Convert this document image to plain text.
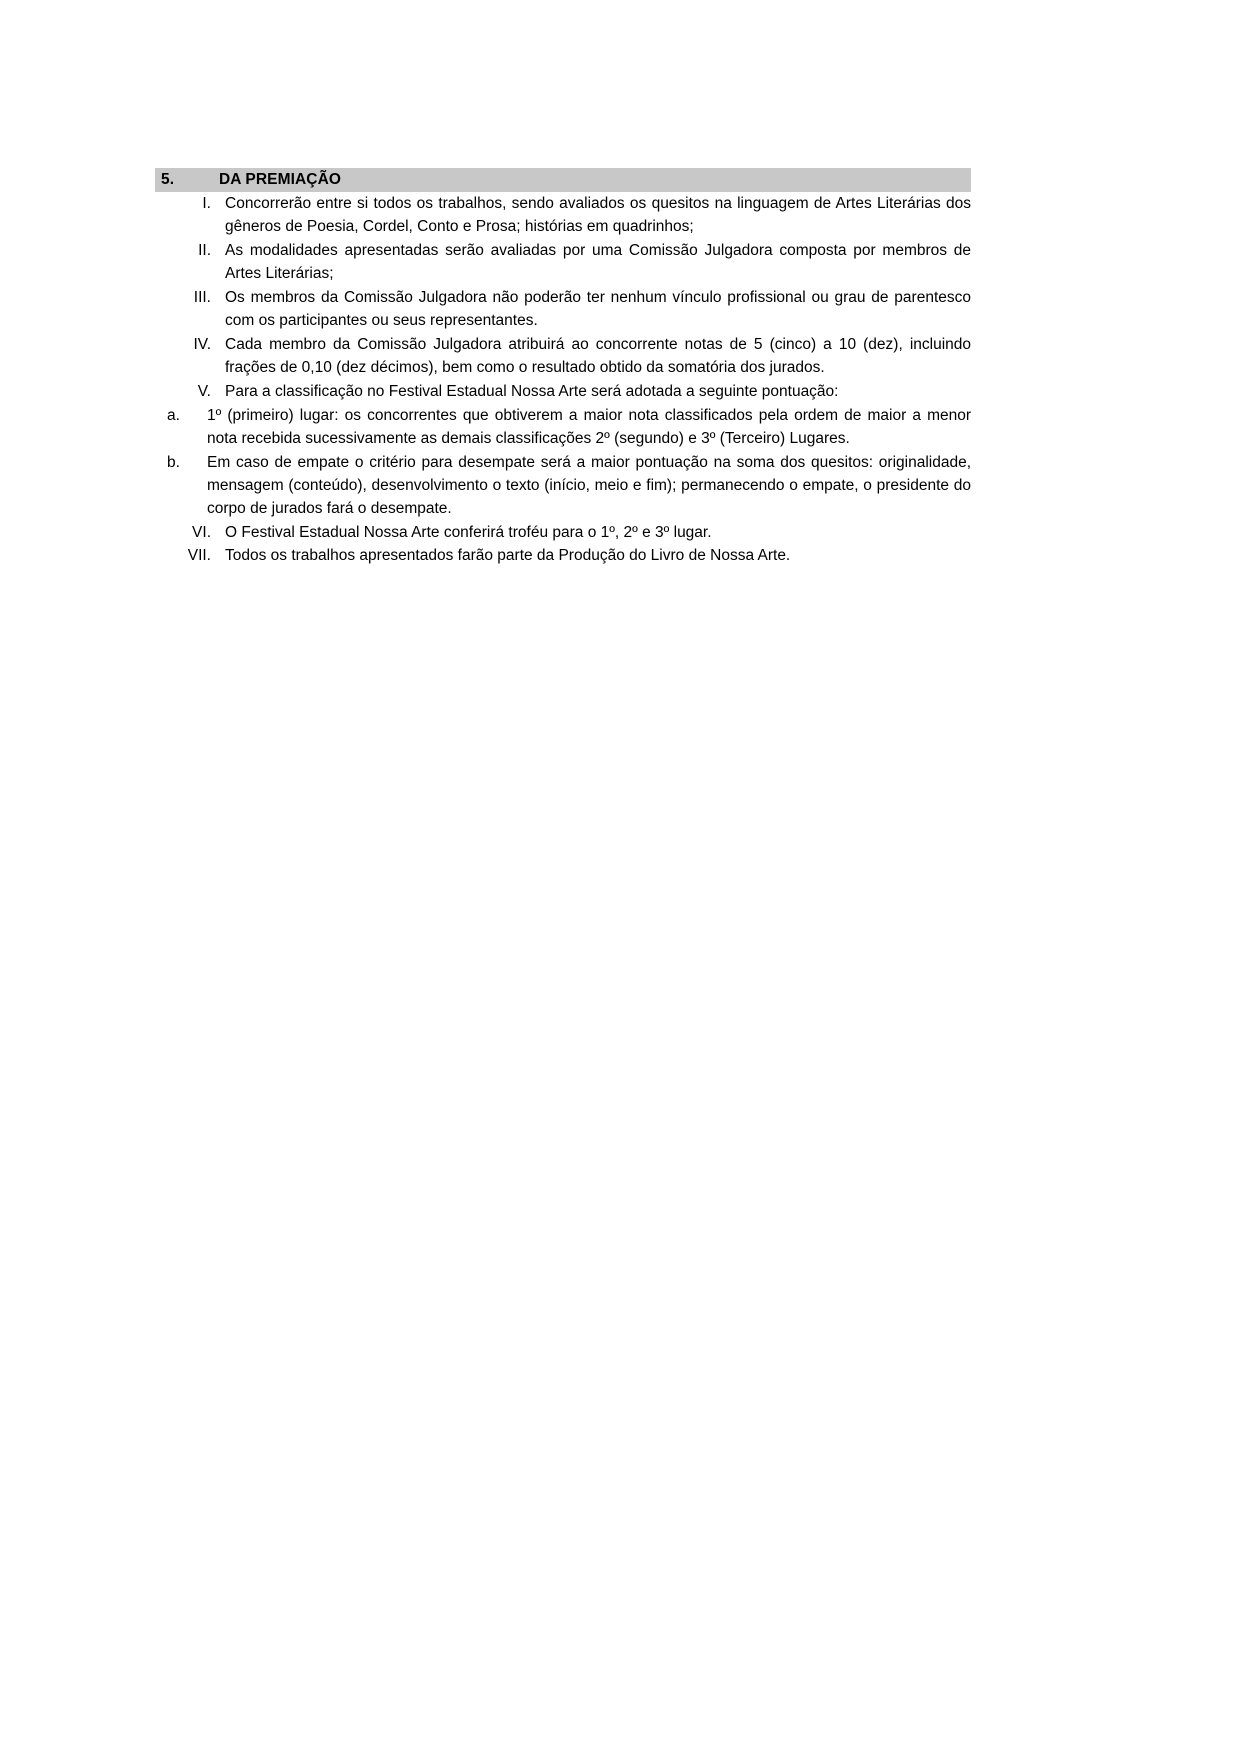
5.	DA PREMIAÇÃO
I. Concorrerão entre si todos os trabalhos, sendo avaliados os quesitos na linguagem de Artes Literárias dos gêneros de Poesia, Cordel, Conto e Prosa; histórias em quadrinhos;
II. As modalidades apresentadas serão avaliadas por uma Comissão Julgadora composta por membros de Artes Literárias;
III. Os membros da Comissão Julgadora não poderão ter nenhum vínculo profissional ou grau de parentesco com os participantes ou seus representantes.
IV. Cada membro da Comissão Julgadora atribuirá ao concorrente notas de 5 (cinco) a 10 (dez), incluindo frações de 0,10 (dez décimos), bem como o resultado obtido da somatória dos jurados.
V. Para a classificação no Festival Estadual Nossa Arte será adotada a seguinte pontuação:
a.	1º (primeiro) lugar: os concorrentes que obtiverem a maior nota classificados pela ordem de maior a menor nota recebida sucessivamente as demais classificações 2º (segundo) e 3º (Terceiro) Lugares.
b.	Em caso de empate o critério para desempate será a maior pontuação na soma dos quesitos: originalidade, mensagem (conteúdo), desenvolvimento o texto (início, meio e fim); permanecendo o empate, o presidente do corpo de jurados fará o desempate.
VI. O Festival Estadual Nossa Arte conferirá troféu para o 1º, 2º e 3º lugar.
VII. Todos os trabalhos apresentados farão parte da Produção do Livro de Nossa Arte.
